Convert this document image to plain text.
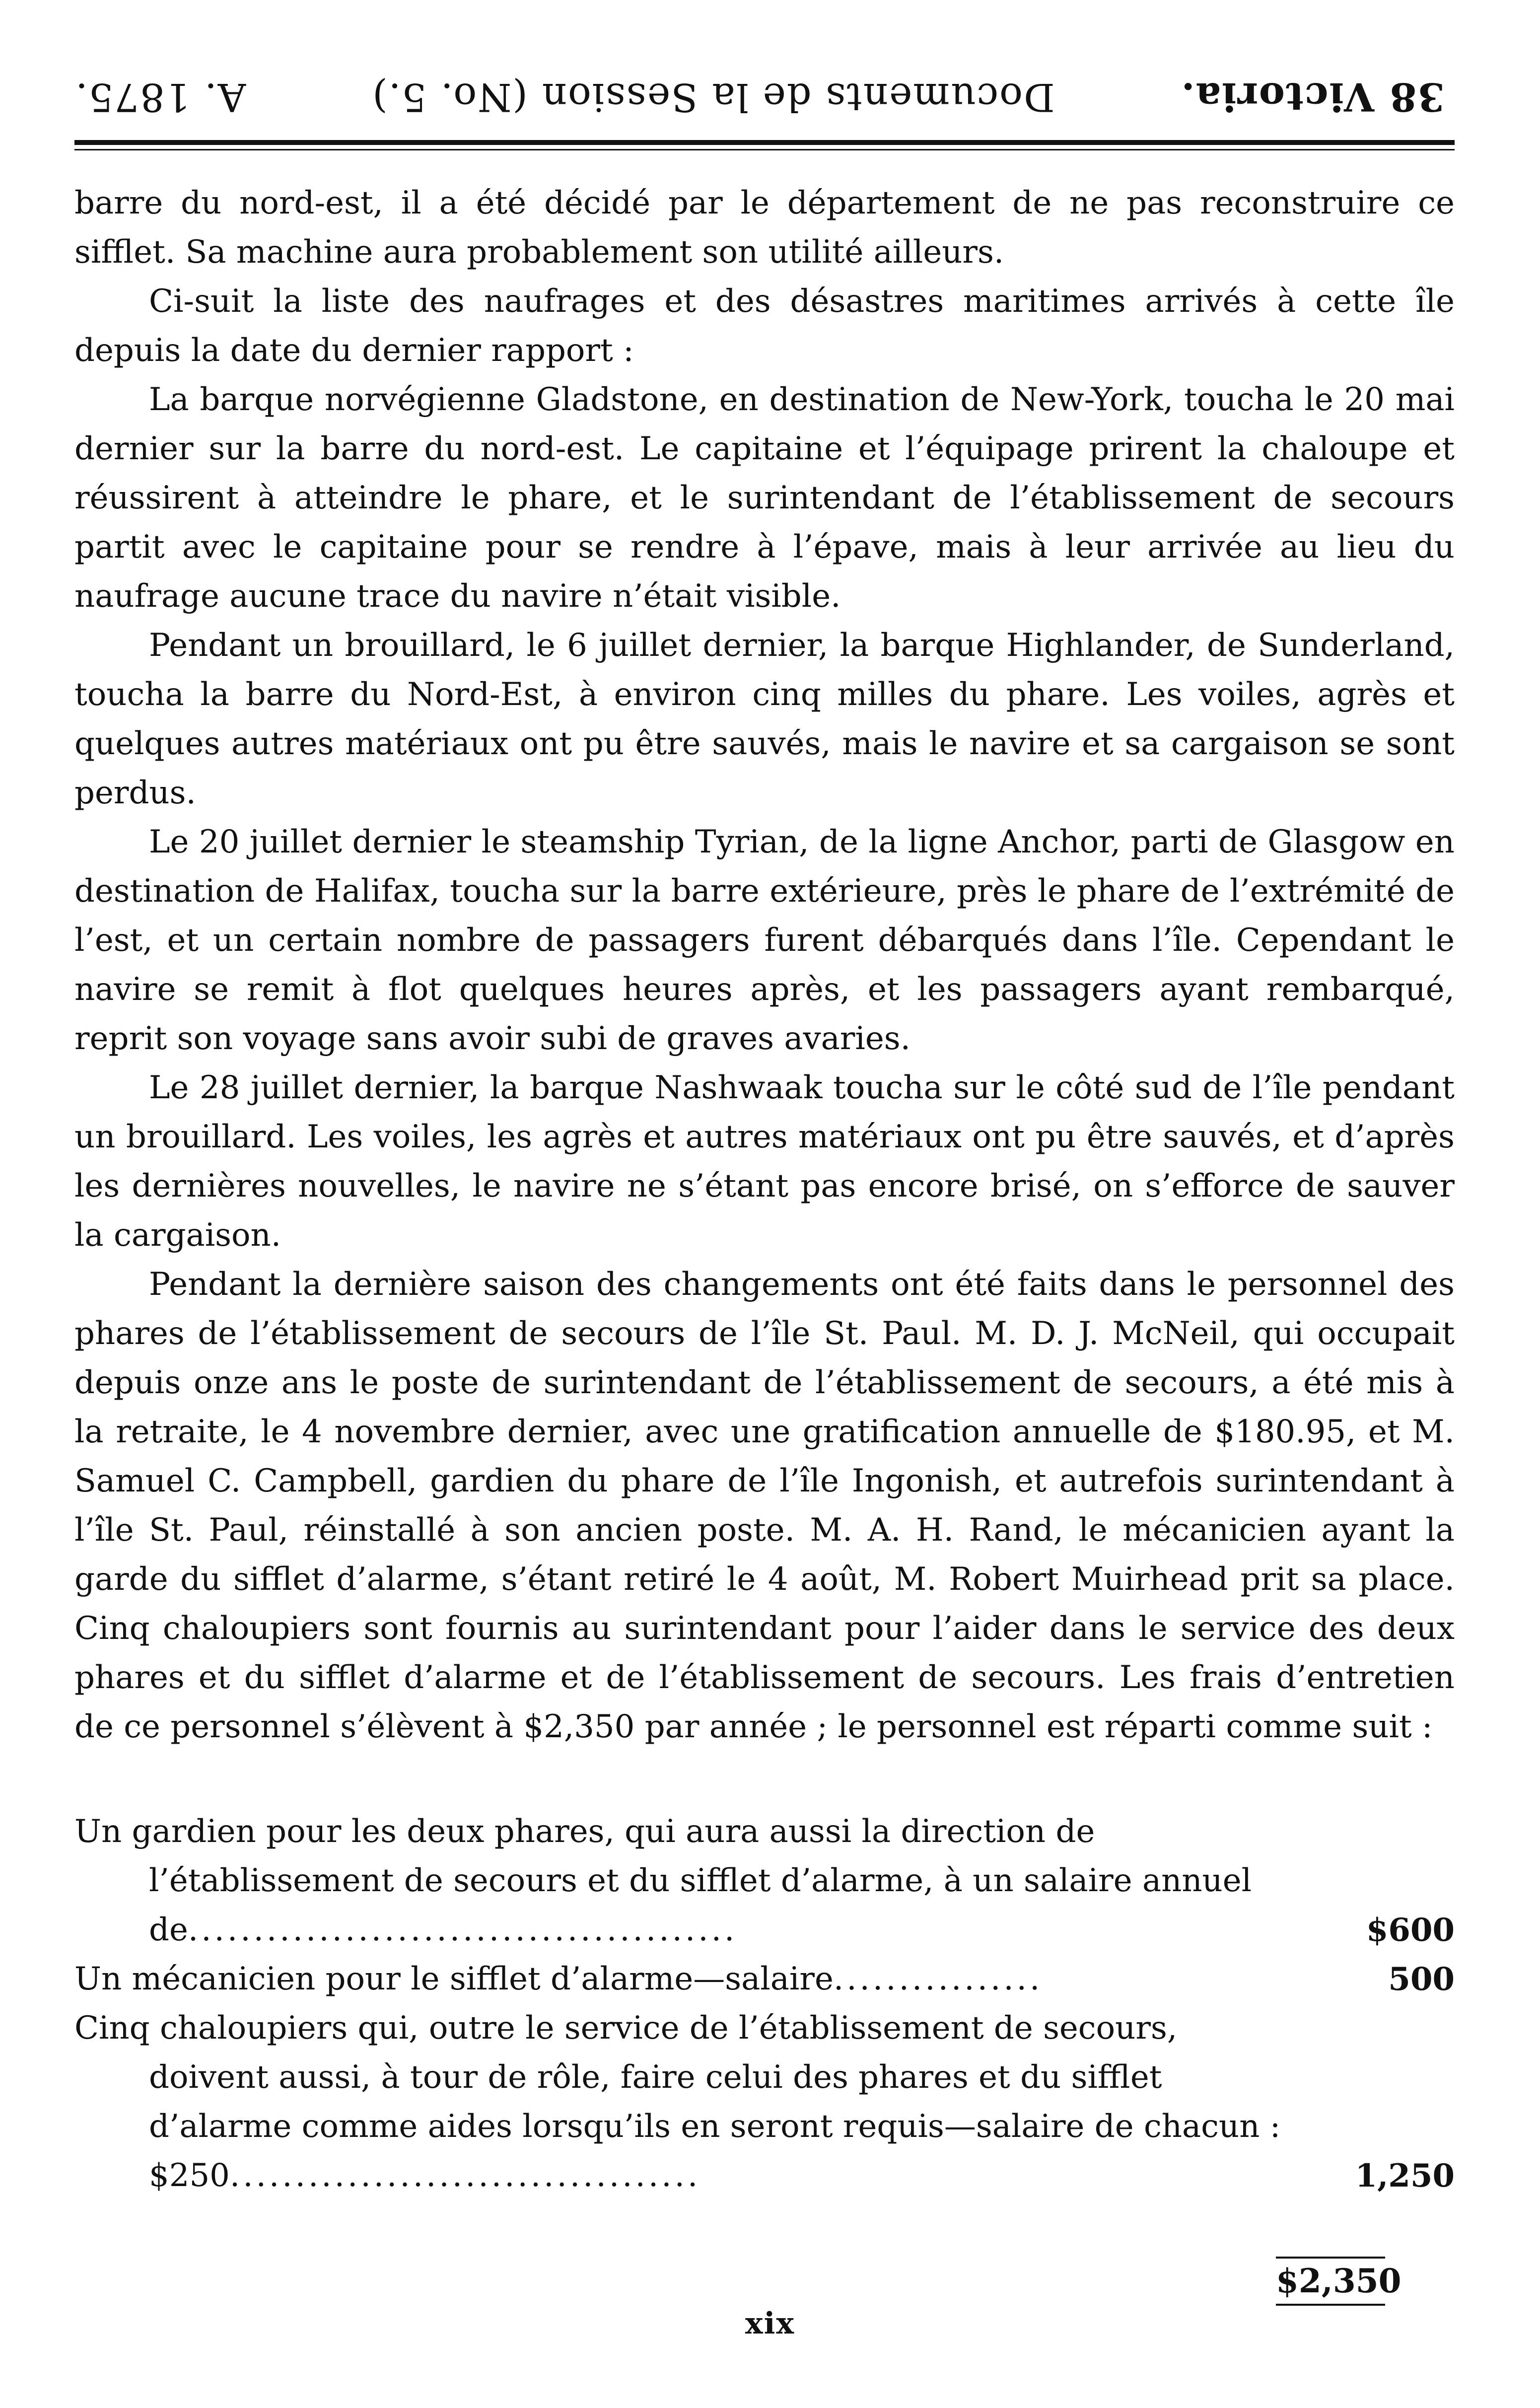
38 Victoria.
Documents de la Session (No. 5.)
A. 1875.

barre du nord-est, il a été décidé par le département de ne pas reconstruire ce sifflet. Sa machine aura probablement son utilité ailleurs.

Ci-suit la liste des naufrages et des désastres maritimes arrivés à cette île depuis la date du dernier rapport :

La barque norvégienne Gladstone, en destination de New-York, toucha le 20 mai dernier sur la barre du nord-est. Le capitaine et l’équipage prirent la chaloupe et réussirent à atteindre le phare, et le surintendant de l’établissement de secours partit avec le capitaine pour se rendre à l’épave, mais à leur arrivée au lieu du naufrage aucune trace du navire n’était visible.

Pendant un brouillard, le 6 juillet dernier, la barque Highlander, de Sunderland, toucha la barre du Nord-Est, à environ cinq milles du phare. Les voiles, agrès et quelques autres matériaux ont pu être sauvés, mais le navire et sa cargaison se sont perdus.

Le 20 juillet dernier le steamship Tyrian, de la ligne Anchor, parti de Glasgow en destination de Halifax, toucha sur la barre extérieure, près le phare de l’extrémité de l’est, et un certain nombre de passagers furent débarqués dans l’île. Cependant le navire se remit à flot quelques heures après, et les passagers ayant rembarqué, reprit son voyage sans avoir subi de graves avaries.

Le 28 juillet dernier, la barque Nashwaak toucha sur le côté sud de l’île pendant un brouillard. Les voiles, les agrès et autres matériaux ont pu être sauvés, et d’après les dernières nouvelles, le navire ne s’étant pas encore brisé, on s’efforce de sauver la cargaison.

Pendant la dernière saison des changements ont été faits dans le personnel des phares de l’établissement de secours de l’île St. Paul. M. D. J. McNeil, qui occupait depuis onze ans le poste de surintendant de l’établissement de secours, a été mis à la retraite, le 4 novembre dernier, avec une gratification annuelle de $180.95, et M. Samuel C. Campbell, gardien du phare de l’île Ingonish, et autrefois surintendant à l’île St. Paul, réinstallé à son ancien poste. M. A. H. Rand, le mécanicien ayant la garde du sifflet d’alarme, s’étant retiré le 4 août, M. Robert Muirhead prit sa place. Cinq chaloupiers sont fournis au surintendant pour l’aider dans le service des deux phares et du sifflet d’alarme et de l’établissement de secours. Les frais d’entretien de ce personnel s’élèvent à $2,350 par année ; le personnel est réparti comme suit :

Un gardien pour les deux phares, qui aura aussi la direction de l’établissement de secours et du sifflet d’alarme, à un salaire annuel de..........................................	$600
Un mécanicien pour le sifflet d’alarme—salaire................	500
Cinq chaloupiers qui, outre le service de l’établissement de secours, doivent aussi, à tour de rôle, faire celui des phares et du sifflet d’alarme comme aides lorsqu’ils en seront requis—salaire de chacun : $250....................................	1,250
$2,350
xix
